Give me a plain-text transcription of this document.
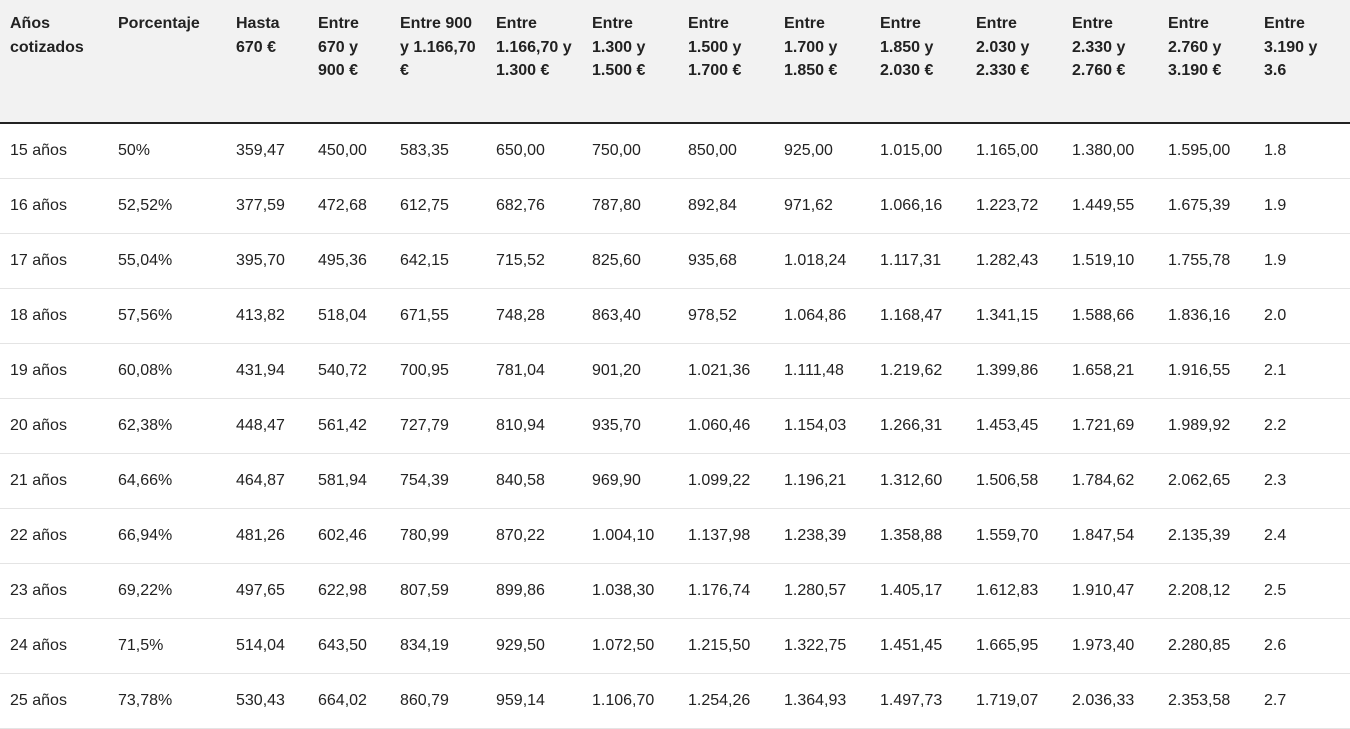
Años cotizados	Porcentaje	Hasta 670 €	Entre 670 y 900 €	Entre 900 y 1.166,70 €	Entre 1.166,70 y 1.300 €	Entre 1.300 y 1.500 €	Entre 1.500 y 1.700 €	Entre 1.700 y 1.850 €	Entre 1.850 y 2.030 €	Entre 2.030 y 2.330 €	Entre 2.330 y 2.760 €	Entre 2.760 y 3.190 €	Entre 3.190 y 3.6
15 años	50%	359,47	450,00	583,35	650,00	750,00	850,00	925,00	1.015,00	1.165,00	1.380,00	1.595,00	1.8
16 años	52,52%	377,59	472,68	612,75	682,76	787,80	892,84	971,62	1.066,16	1.223,72	1.449,55	1.675,39	1.9
17 años	55,04%	395,70	495,36	642,15	715,52	825,60	935,68	1.018,24	1.117,31	1.282,43	1.519,10	1.755,78	1.9
18 años	57,56%	413,82	518,04	671,55	748,28	863,40	978,52	1.064,86	1.168,47	1.341,15	1.588,66	1.836,16	2.0
19 años	60,08%	431,94	540,72	700,95	781,04	901,20	1.021,36	1.111,48	1.219,62	1.399,86	1.658,21	1.916,55	2.1
20 años	62,38%	448,47	561,42	727,79	810,94	935,70	1.060,46	1.154,03	1.266,31	1.453,45	1.721,69	1.989,92	2.2
21 años	64,66%	464,87	581,94	754,39	840,58	969,90	1.099,22	1.196,21	1.312,60	1.506,58	1.784,62	2.062,65	2.3
22 años	66,94%	481,26	602,46	780,99	870,22	1.004,10	1.137,98	1.238,39	1.358,88	1.559,70	1.847,54	2.135,39	2.4
23 años	69,22%	497,65	622,98	807,59	899,86	1.038,30	1.176,74	1.280,57	1.405,17	1.612,83	1.910,47	2.208,12	2.5
24 años	71,5%	514,04	643,50	834,19	929,50	1.072,50	1.215,50	1.322,75	1.451,45	1.665,95	1.973,40	2.280,85	2.6
25 años	73,78%	530,43	664,02	860,79	959,14	1.106,70	1.254,26	1.364,93	1.497,73	1.719,07	2.036,33	2.353,58	2.7
